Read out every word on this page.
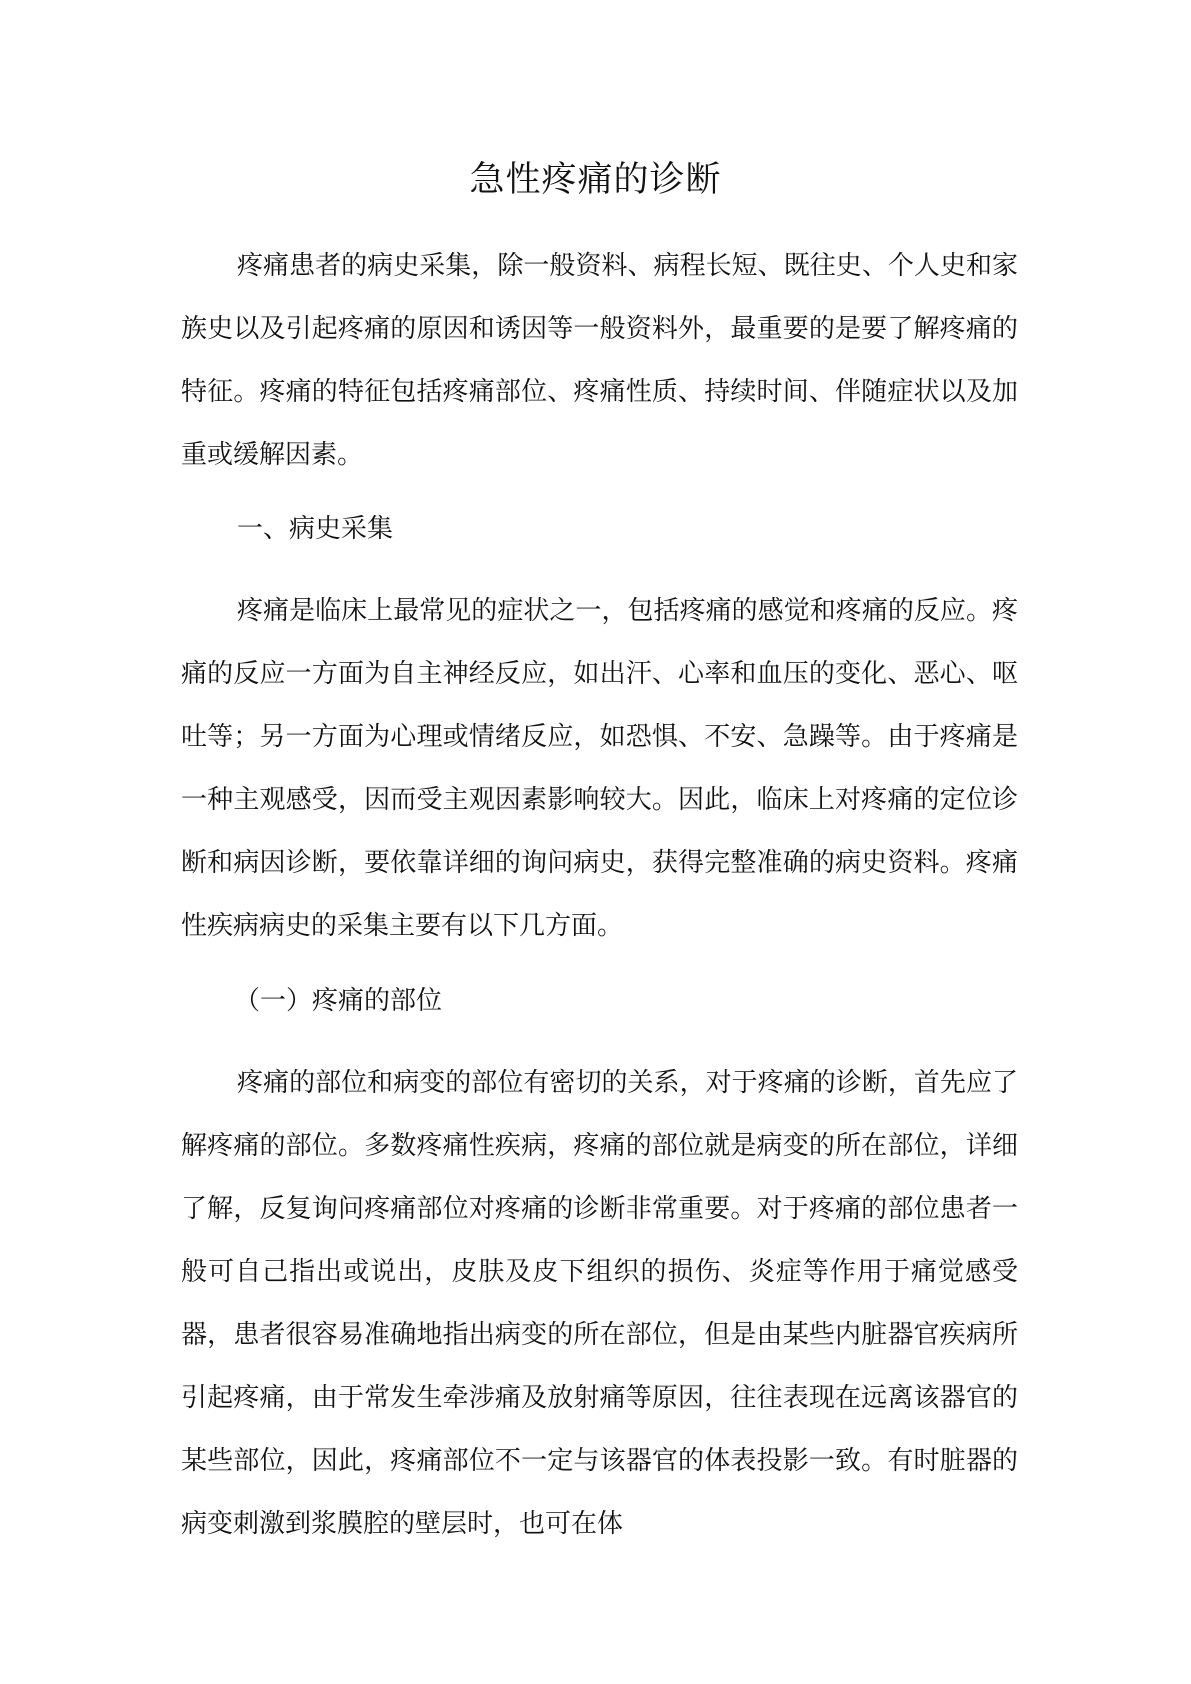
急性疼痛的诊断

疼痛患者的病史采集，除一般资料、病程长短、既往史、个人史和家族史以及引起疼痛的原因和诱因等一般资料外，最重要的是要了解疼痛的特征。疼痛的特征包括疼痛部位、疼痛性质、持续时间、伴随症状以及加重或缓解因素。

一、病史采集

疼痛是临床上最常见的症状之一，包括疼痛的感觉和疼痛的反应。疼痛的反应一方面为自主神经反应，如出汗、心率和血压的变化、恶心、呕吐等；另一方面为心理或情绪反应，如恐惧、不安、急躁等。由于疼痛是一种主观感受，因而受主观因素影响较大。因此，临床上对疼痛的定位诊断和病因诊断，要依靠详细的询问病史，获得完整准确的病史资料。疼痛性疾病病史的采集主要有以下几方面。

（一）疼痛的部位

疼痛的部位和病变的部位有密切的关系，对于疼痛的诊断，首先应了解疼痛的部位。多数疼痛性疾病，疼痛的部位就是病变的所在部位，详细了解，反复询问疼痛部位对疼痛的诊断非常重要。对于疼痛的部位患者一般可自己指出或说出，皮肤及皮下组织的损伤、炎症等作用于痛觉感受器，患者很容易准确地指出病变的所在部位，但是由某些内脏器官疾病所引起疼痛，由于常发生牵涉痛及放射痛等原因，往往表现在远离该器官的某些部位，因此，疼痛部位不一定与该器官的体表投影一致。有时脏器的病变刺激到浆膜腔的壁层时，也可在体
